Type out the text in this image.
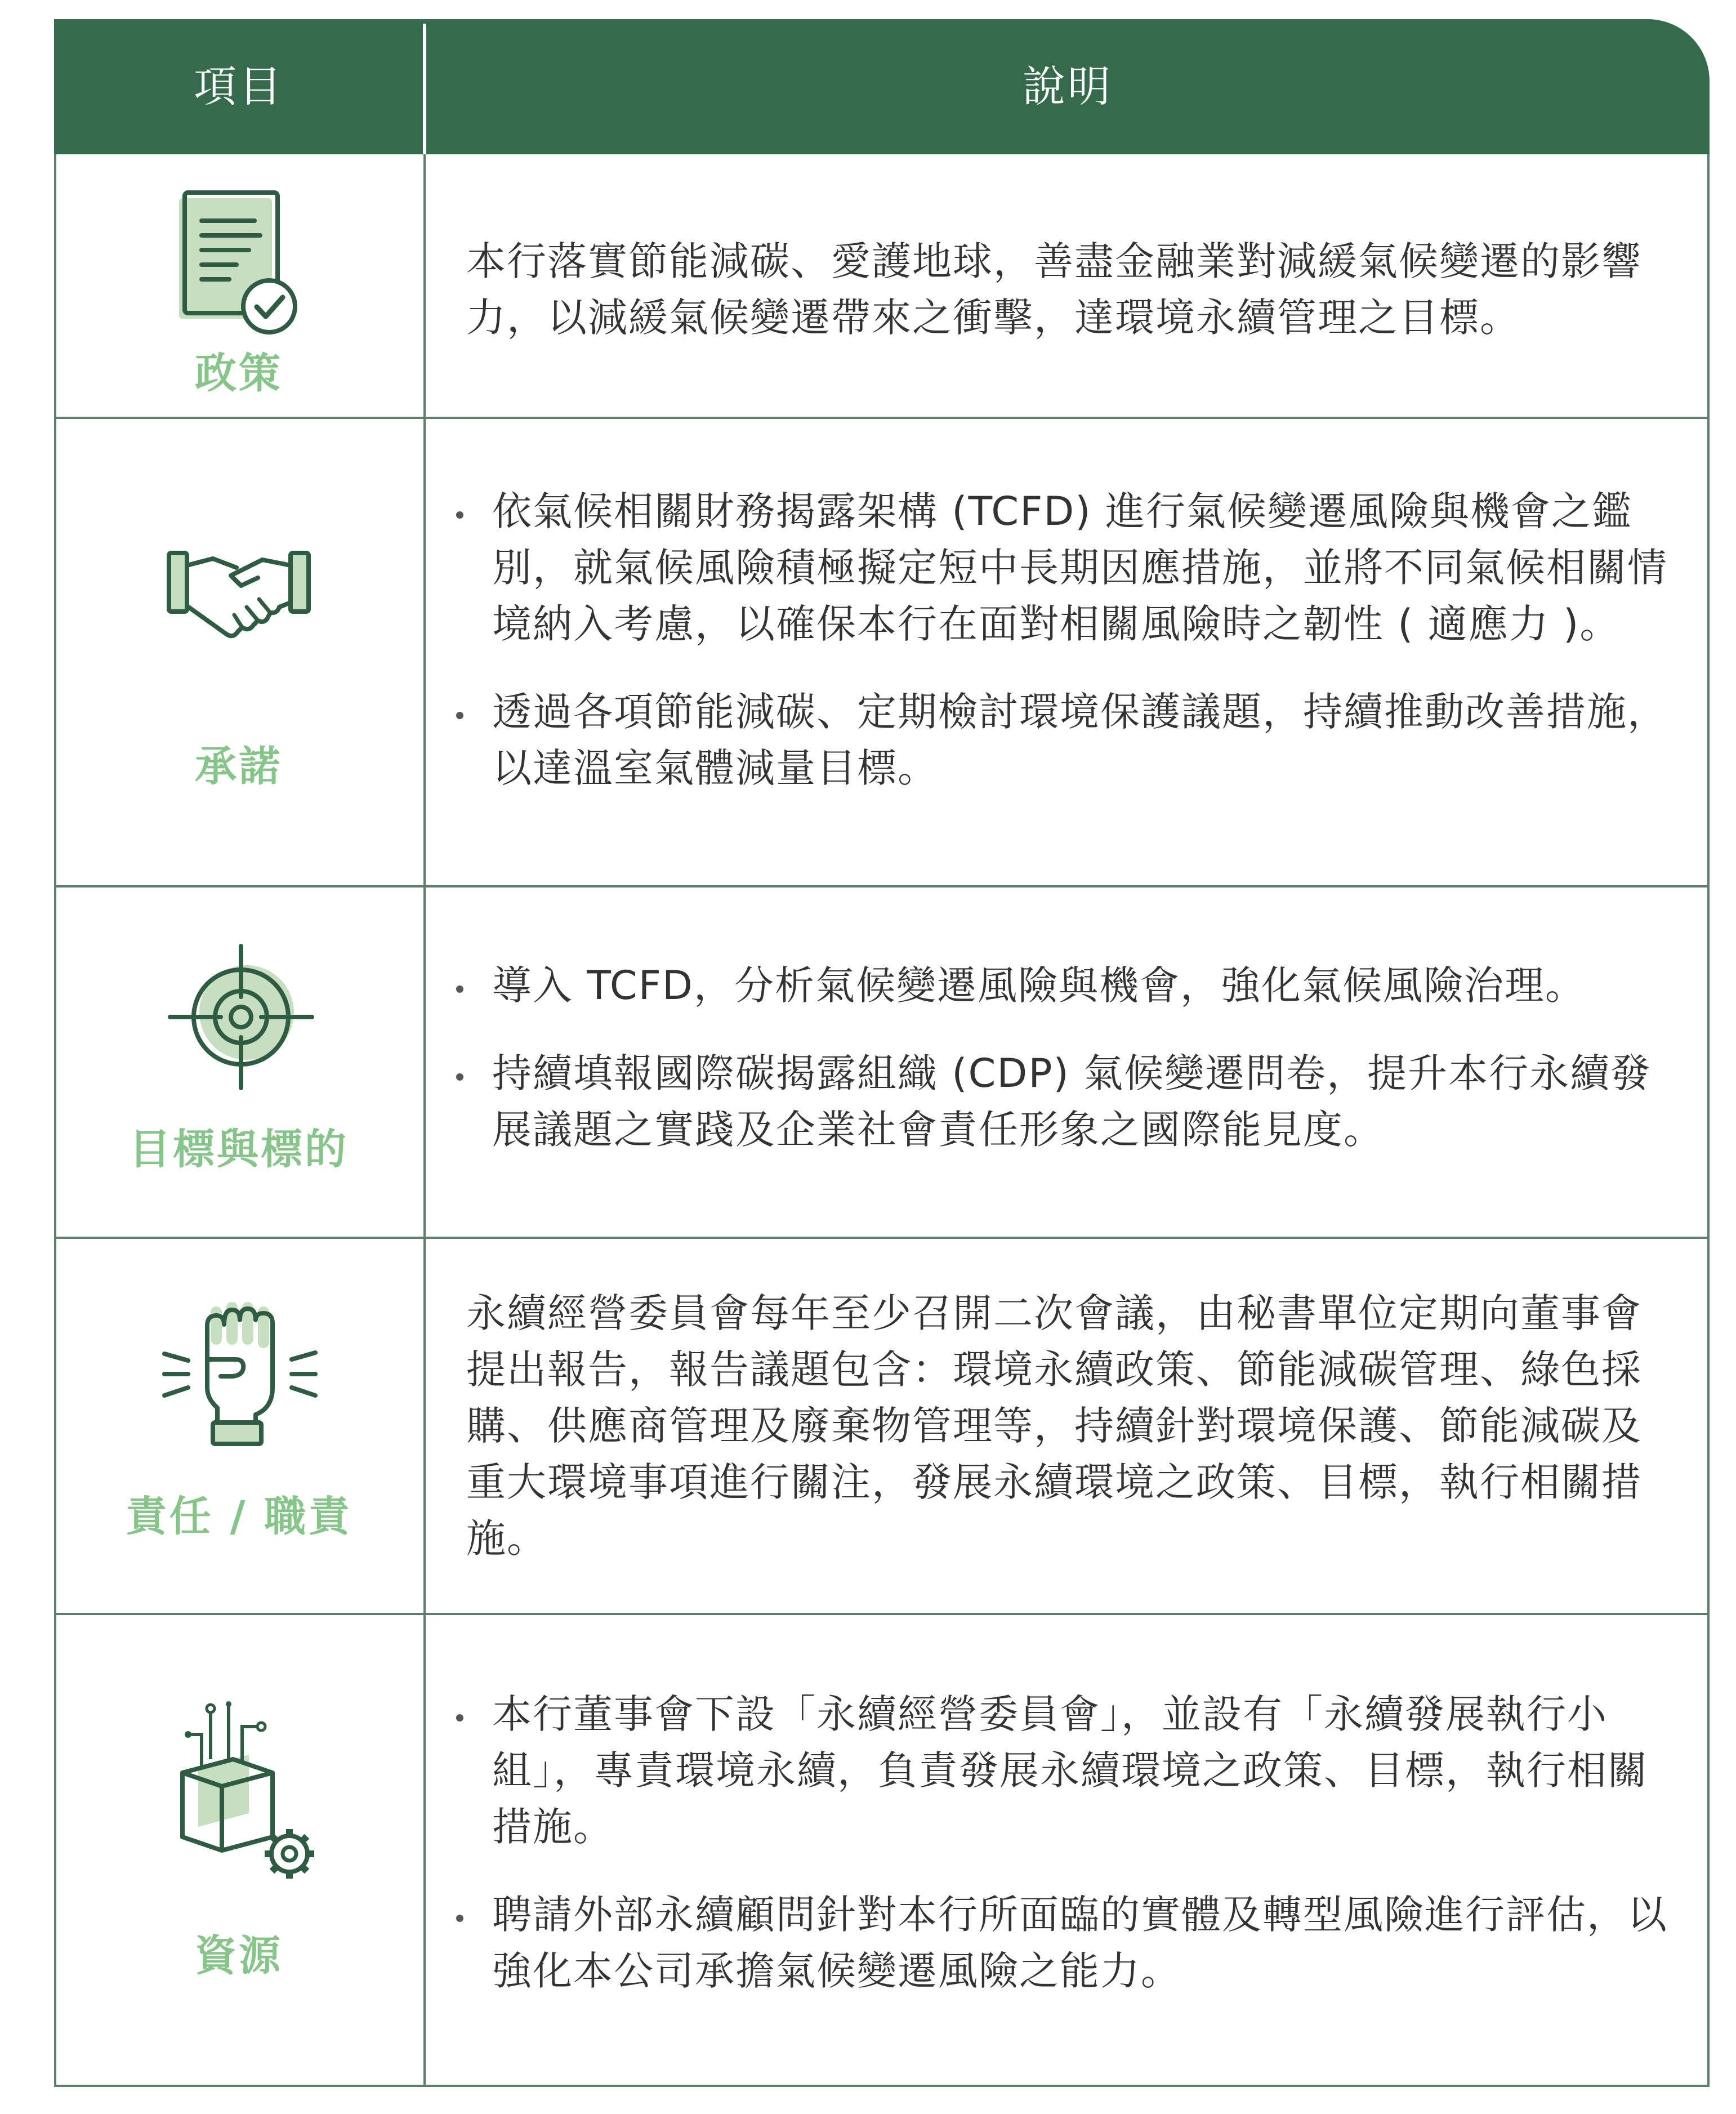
項目	說明
政策

本行落實節能減碳、愛護地球，善盡金融業對減緩氣候變遷的影響力，以減緩氣候變遷帶來之衝擊，達環境永續管理之目標。

承諾
依氣候相關財務揭露架構 (TCFD) 進行氣候變遷風險與機會之鑑別，就氣候風險積極擬定短中長期因應措施，並將不同氣候相關情境納入考慮，以確保本行在面對相關風險時之韌性 ( 適應力 )。
透過各項節能減碳、定期檢討環境保護議題，持續推動改善措施，以達溫室氣體減量目標。
目標與標的
導入 TCFD，分析氣候變遷風險與機會，強化氣候風險治理。
持續填報國際碳揭露組織 (CDP) 氣候變遷問卷，提升本行永續發展議題之實踐及企業社會責任形象之國際能見度。
責任 / 職責

永續經營委員會每年至少召開二次會議，由秘書單位定期向董事會提出報告，報告議題包含：環境永續政策、節能減碳管理、綠色採購、供應商管理及廢棄物管理等，持續針對環境保護、節能減碳及重大環境事項進行關注，發展永續環境之政策、目標，執行相關措施。

資源
本行董事會下設「永續經營委員會」，並設有「永續發展執行小組」，專責環境永續，負責發展永續環境之政策、目標，執行相關措施。
聘請外部永續顧問針對本行所面臨的實體及轉型風險進行評估，以強化本公司承擔氣候變遷風險之能力。
